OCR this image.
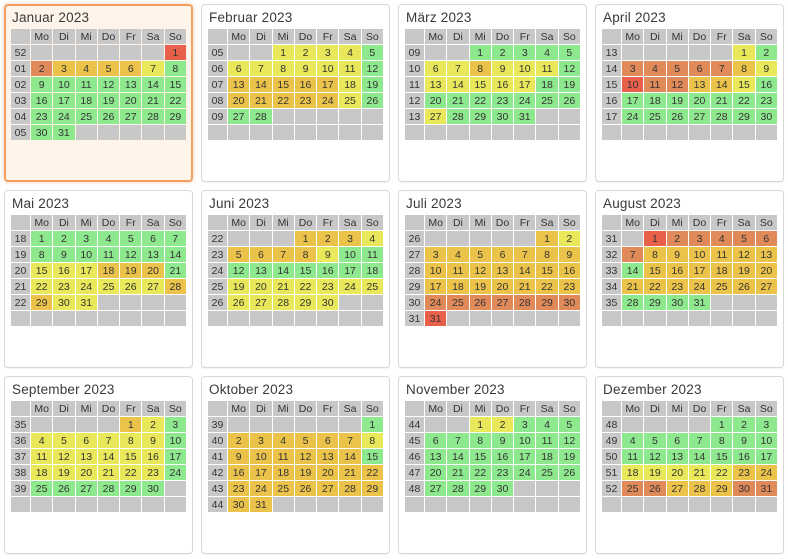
Januar 2023
	Mo	Di	Mi	Do	Fr	Sa	So
52							1
01	2	3	4	5	6	7	8
02	9	10	11	12	13	14	15
03	16	17	18	19	20	21	22
04	23	24	25	26	27	28	29
05	30	31					
Februar 2023
	Mo	Di	Mi	Do	Fr	Sa	So
05			1	2	3	4	5
06	6	7	8	9	10	11	12
07	13	14	15	16	17	18	19
08	20	21	22	23	24	25	26
09	27	28					

März 2023
	Mo	Di	Mi	Do	Fr	Sa	So
09			1	2	3	4	5
10	6	7	8	9	10	11	12
11	13	14	15	16	17	18	19
12	20	21	22	23	24	25	26
13	27	28	29	30	31		

April 2023
	Mo	Di	Mi	Do	Fr	Sa	So
13						1	2
14	3	4	5	6	7	8	9
15	10	11	12	13	14	15	16
16	17	18	19	20	21	22	23
17	24	25	26	27	28	29	30

Mai 2023
	Mo	Di	Mi	Do	Fr	Sa	So
18	1	2	3	4	5	6	7
19	8	9	10	11	12	13	14
20	15	16	17	18	19	20	21
21	22	23	24	25	26	27	28
22	29	30	31				

Juni 2023
	Mo	Di	Mi	Do	Fr	Sa	So
22				1	2	3	4
23	5	6	7	8	9	10	11
24	12	13	14	15	16	17	18
25	19	20	21	22	23	24	25
26	26	27	28	29	30		

Juli 2023
	Mo	Di	Mi	Do	Fr	Sa	So
26						1	2
27	3	4	5	6	7	8	9
28	10	11	12	13	14	15	16
29	17	18	19	20	21	22	23
30	24	25	26	27	28	29	30
31	31						
August 2023
	Mo	Di	Mi	Do	Fr	Sa	So
31		1	2	3	4	5	6
32	7	8	9	10	11	12	13
33	14	15	16	17	18	19	20
34	21	22	23	24	25	26	27
35	28	29	30	31			

September 2023
	Mo	Di	Mi	Do	Fr	Sa	So
35					1	2	3
36	4	5	6	7	8	9	10
37	11	12	13	14	15	16	17
38	18	19	20	21	22	23	24
39	25	26	27	28	29	30	

Oktober 2023
	Mo	Di	Mi	Do	Fr	Sa	So
39							1
40	2	3	4	5	6	7	8
41	9	10	11	12	13	14	15
42	16	17	18	19	20	21	22
43	23	24	25	26	27	28	29
44	30	31					
November 2023
	Mo	Di	Mi	Do	Fr	Sa	So
44			1	2	3	4	5
45	6	7	8	9	10	11	12
46	13	14	15	16	17	18	19
47	20	21	22	23	24	25	26
48	27	28	29	30			

Dezember 2023
	Mo	Di	Mi	Do	Fr	Sa	So
48					1	2	3
49	4	5	6	7	8	9	10
50	11	12	13	14	15	16	17
51	18	19	20	21	22	23	24
52	25	26	27	28	29	30	31
